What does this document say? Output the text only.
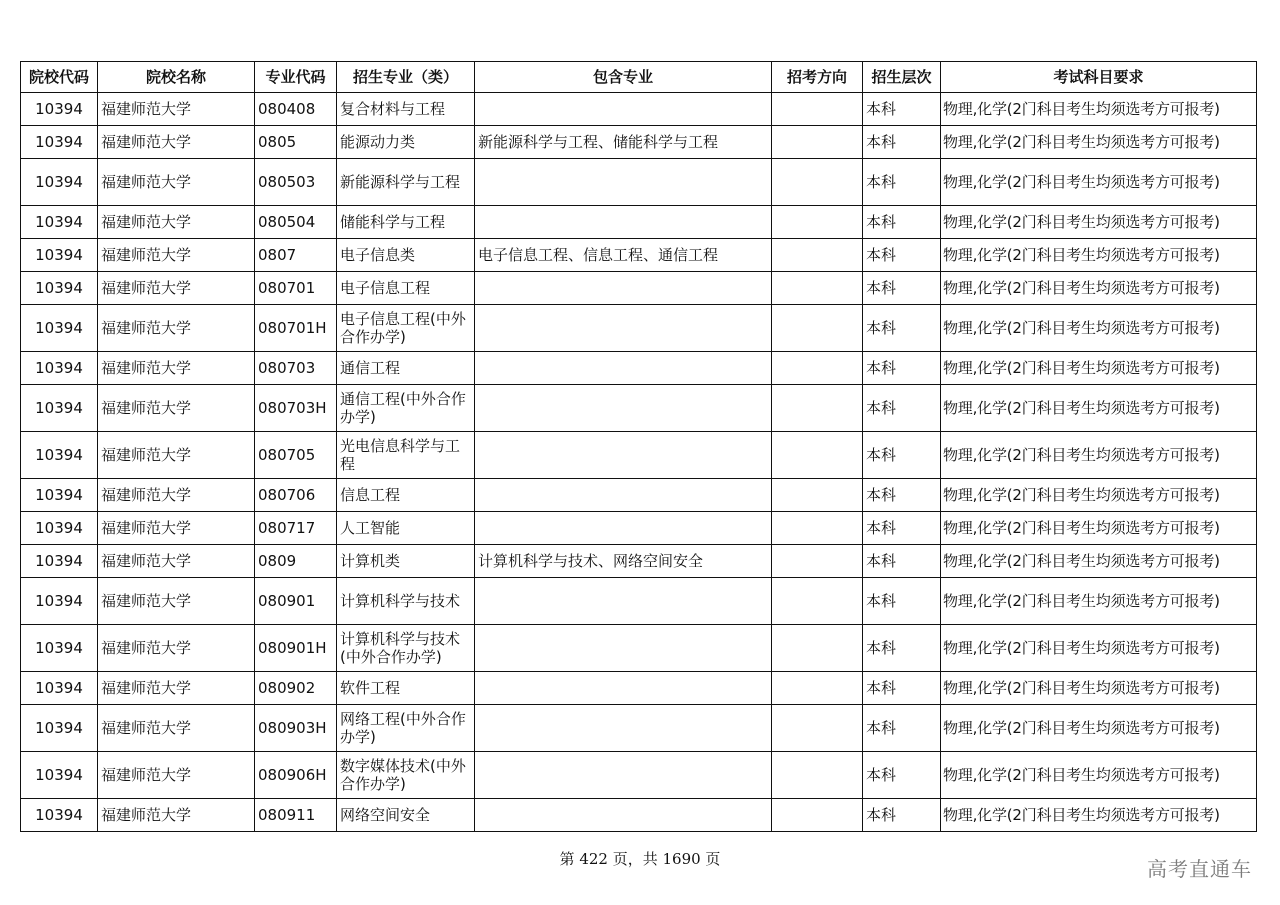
院校代码	院校名称	专业代码	招生专业（类）	包含专业	招考方向	招生层次	考试科目要求
10394	福建师范大学	080408	复合材料与工程			本科	物理,化学(2门科目考生均须选考方可报考)
10394	福建师范大学	0805	能源动力类	新能源科学与工程、储能科学与工程		本科	物理,化学(2门科目考生均须选考方可报考)
10394	福建师范大学	080503	新能源科学与工程			本科	物理,化学(2门科目考生均须选考方可报考)
10394	福建师范大学	080504	储能科学与工程			本科	物理,化学(2门科目考生均须选考方可报考)
10394	福建师范大学	0807	电子信息类	电子信息工程、信息工程、通信工程		本科	物理,化学(2门科目考生均须选考方可报考)
10394	福建师范大学	080701	电子信息工程			本科	物理,化学(2门科目考生均须选考方可报考)
10394	福建师范大学	080701H	电子信息工程(中外合作办学)			本科	物理,化学(2门科目考生均须选考方可报考)
10394	福建师范大学	080703	通信工程			本科	物理,化学(2门科目考生均须选考方可报考)
10394	福建师范大学	080703H	通信工程(中外合作办学)			本科	物理,化学(2门科目考生均须选考方可报考)
10394	福建师范大学	080705	光电信息科学与工程			本科	物理,化学(2门科目考生均须选考方可报考)
10394	福建师范大学	080706	信息工程			本科	物理,化学(2门科目考生均须选考方可报考)
10394	福建师范大学	080717	人工智能			本科	物理,化学(2门科目考生均须选考方可报考)
10394	福建师范大学	0809	计算机类	计算机科学与技术、网络空间安全		本科	物理,化学(2门科目考生均须选考方可报考)
10394	福建师范大学	080901	计算机科学与技术			本科	物理,化学(2门科目考生均须选考方可报考)
10394	福建师范大学	080901H	计算机科学与技术(中外合作办学)			本科	物理,化学(2门科目考生均须选考方可报考)
10394	福建师范大学	080902	软件工程			本科	物理,化学(2门科目考生均须选考方可报考)
10394	福建师范大学	080903H	网络工程(中外合作办学)			本科	物理,化学(2门科目考生均须选考方可报考)
10394	福建师范大学	080906H	数字媒体技术(中外合作办学)			本科	物理,化学(2门科目考生均须选考方可报考)
10394	福建师范大学	080911	网络空间安全			本科	物理,化学(2门科目考生均须选考方可报考)
第 422 页，共 1690 页	高考直通车
